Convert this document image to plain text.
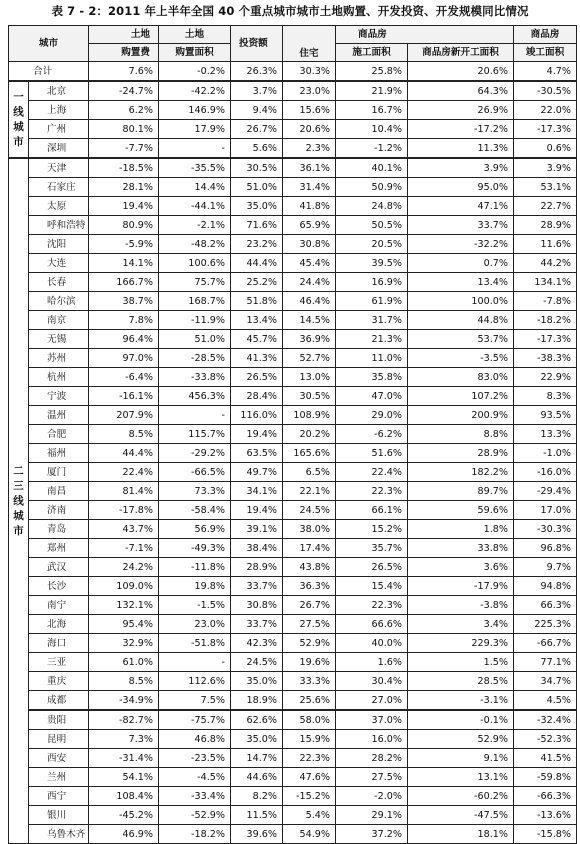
表 7 - 2：2011 年上半年全国 40 个重点城市城市土地购置、开发投资、开发规模同比情况
城市		土地	土地	投资额	住宅	商品房		商品房
		购置费	购置面积			施工面积	商品房新开工面积	竣工面积
合计		7.6%	-0.2%	26.3%	30.3%	25.8%	20.6%	4.7%

一
线
城
市	北京	-24.7%	-42.2%	3.7%	23.0%	21.9%	64.3%	-30.5%
	上海	6.2%	146.9%	9.4%	15.6%	16.7%	26.9%	22.0%
	广州	80.1%	17.9%	26.7%	20.6%	10.4%	-17.2%	-17.3%
	深圳	-7.7%	-	5.6%	2.3%	-1.2%	11.3%	0.6%

二
三
线
城
市	天津	-18.5%	-35.5%	30.5%	36.1%	40.1%	3.9%	3.9%
	石家庄	28.1%	14.4%	51.0%	31.4%	50.9%	95.0%	53.1%
	太原	19.4%	-44.1%	35.0%	41.8%	24.8%	47.1%	22.7%
	呼和浩特	80.9%	-2.1%	71.6%	65.9%	50.5%	33.7%	28.9%
	沈阳	-5.9%	-48.2%	23.2%	30.8%	20.5%	-32.2%	11.6%
	大连	14.1%	100.6%	44.4%	45.4%	39.5%	0.7%	44.2%
	长春	166.7%	75.7%	25.2%	24.4%	16.9%	13.4%	134.1%
	哈尔滨	38.7%	168.7%	51.8%	46.4%	61.9%	100.0%	-7.8%
	南京	7.8%	-11.9%	13.4%	14.5%	31.7%	44.8%	-18.2%
	无锡	96.4%	51.0%	45.7%	36.9%	21.3%	53.7%	-17.3%
	苏州	97.0%	-28.5%	41.3%	52.7%	11.0%	-3.5%	-38.3%
	杭州	-6.4%	-33.8%	26.5%	13.0%	35.8%	83.0%	22.9%
	宁波	-16.1%	456.3%	28.4%	30.5%	47.0%	107.2%	8.3%
	温州	207.9%	-	116.0%	108.9%	29.0%	200.9%	93.5%
	合肥	8.5%	115.7%	19.4%	20.2%	-6.2%	8.8%	13.3%
	福州	44.4%	-29.2%	63.5%	165.6%	51.6%	28.9%	-1.0%
	厦门	22.4%	-66.5%	49.7%	6.5%	22.4%	182.2%	-16.0%
	南昌	81.4%	73.3%	34.1%	22.1%	22.3%	89.7%	-29.4%
	济南	-17.8%	-58.4%	19.4%	24.5%	66.1%	59.6%	17.0%
	青岛	43.7%	56.9%	39.1%	38.0%	15.2%	1.8%	-30.3%
	郑州	-7.1%	-49.3%	38.4%	17.4%	35.7%	33.8%	96.8%
	武汉	24.2%	-11.8%	28.9%	43.8%	26.5%	3.6%	9.7%
	长沙	109.0%	19.8%	33.7%	36.3%	15.4%	-17.9%	94.8%
	南宁	132.1%	-1.5%	30.8%	26.7%	22.3%	-3.8%	66.3%
	北海	95.4%	23.0%	33.7%	27.5%	66.6%	3.4%	225.3%
	海口	32.9%	-51.8%	42.3%	52.9%	40.0%	229.3%	-66.7%
	三亚	61.0%	-	24.5%	19.6%	1.6%	1.5%	77.1%
	重庆	8.5%	112.6%	35.0%	33.3%	30.4%	28.5%	34.7%
	成都	-34.9%	7.5%	18.9%	25.6%	27.0%	-3.1%	4.5%
	贵阳	-82.7%	-75.7%	62.6%	58.0%	37.0%	-0.1%	-32.4%
	昆明	7.3%	46.8%	35.0%	15.9%	16.0%	52.9%	-52.3%
	西安	-31.4%	-23.5%	14.7%	22.3%	28.2%	9.1%	41.5%
	兰州	54.1%	-4.5%	44.6%	47.6%	27.5%	13.1%	-59.8%
	西宁	108.4%	-33.4%	8.2%	-15.2%	-2.0%	-60.2%	-66.3%
	银川	-45.2%	-52.9%	11.5%	5.4%	29.1%	-47.5%	-13.6%
	乌鲁木齐	46.9%	-18.2%	39.6%	54.9%	37.2%	18.1%	-15.8%
